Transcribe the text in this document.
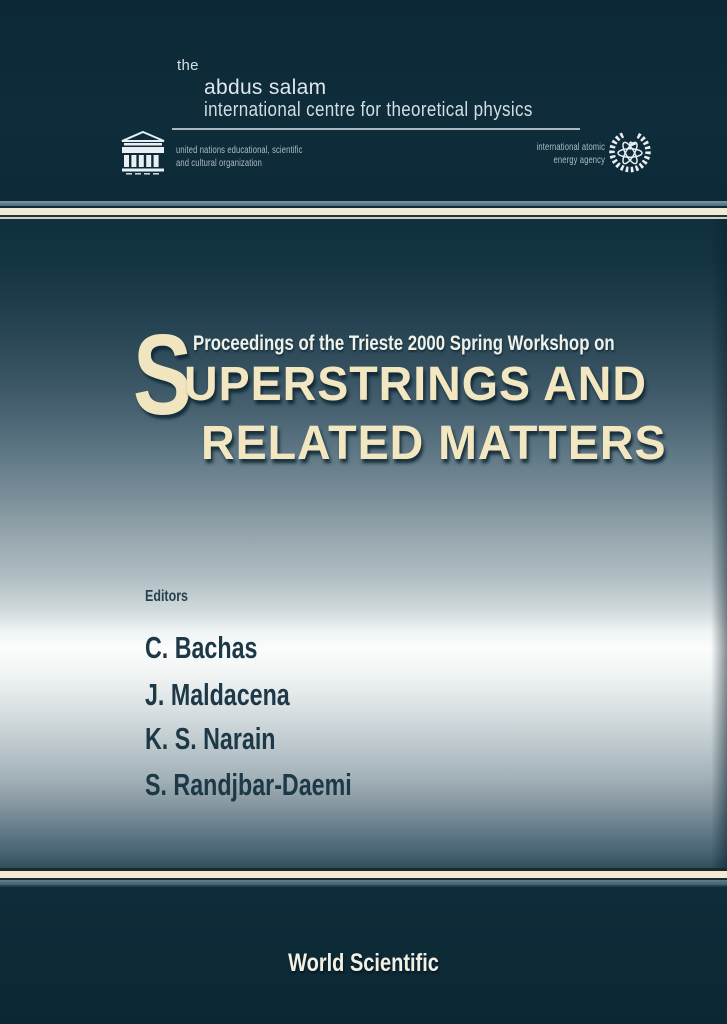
the
abdus salam
international centre for theoretical physics
united nations educational, scientific
and cultural organization
international atomic
energy agency
S Proceedings of the Trieste 2000 Spring Workshop on
UPERSTRINGS AND
RELATED MATTERS
Editors
C. Bachas
J. Maldacena
K. S. Narain
S. Randjbar-Daemi
World Scientific
